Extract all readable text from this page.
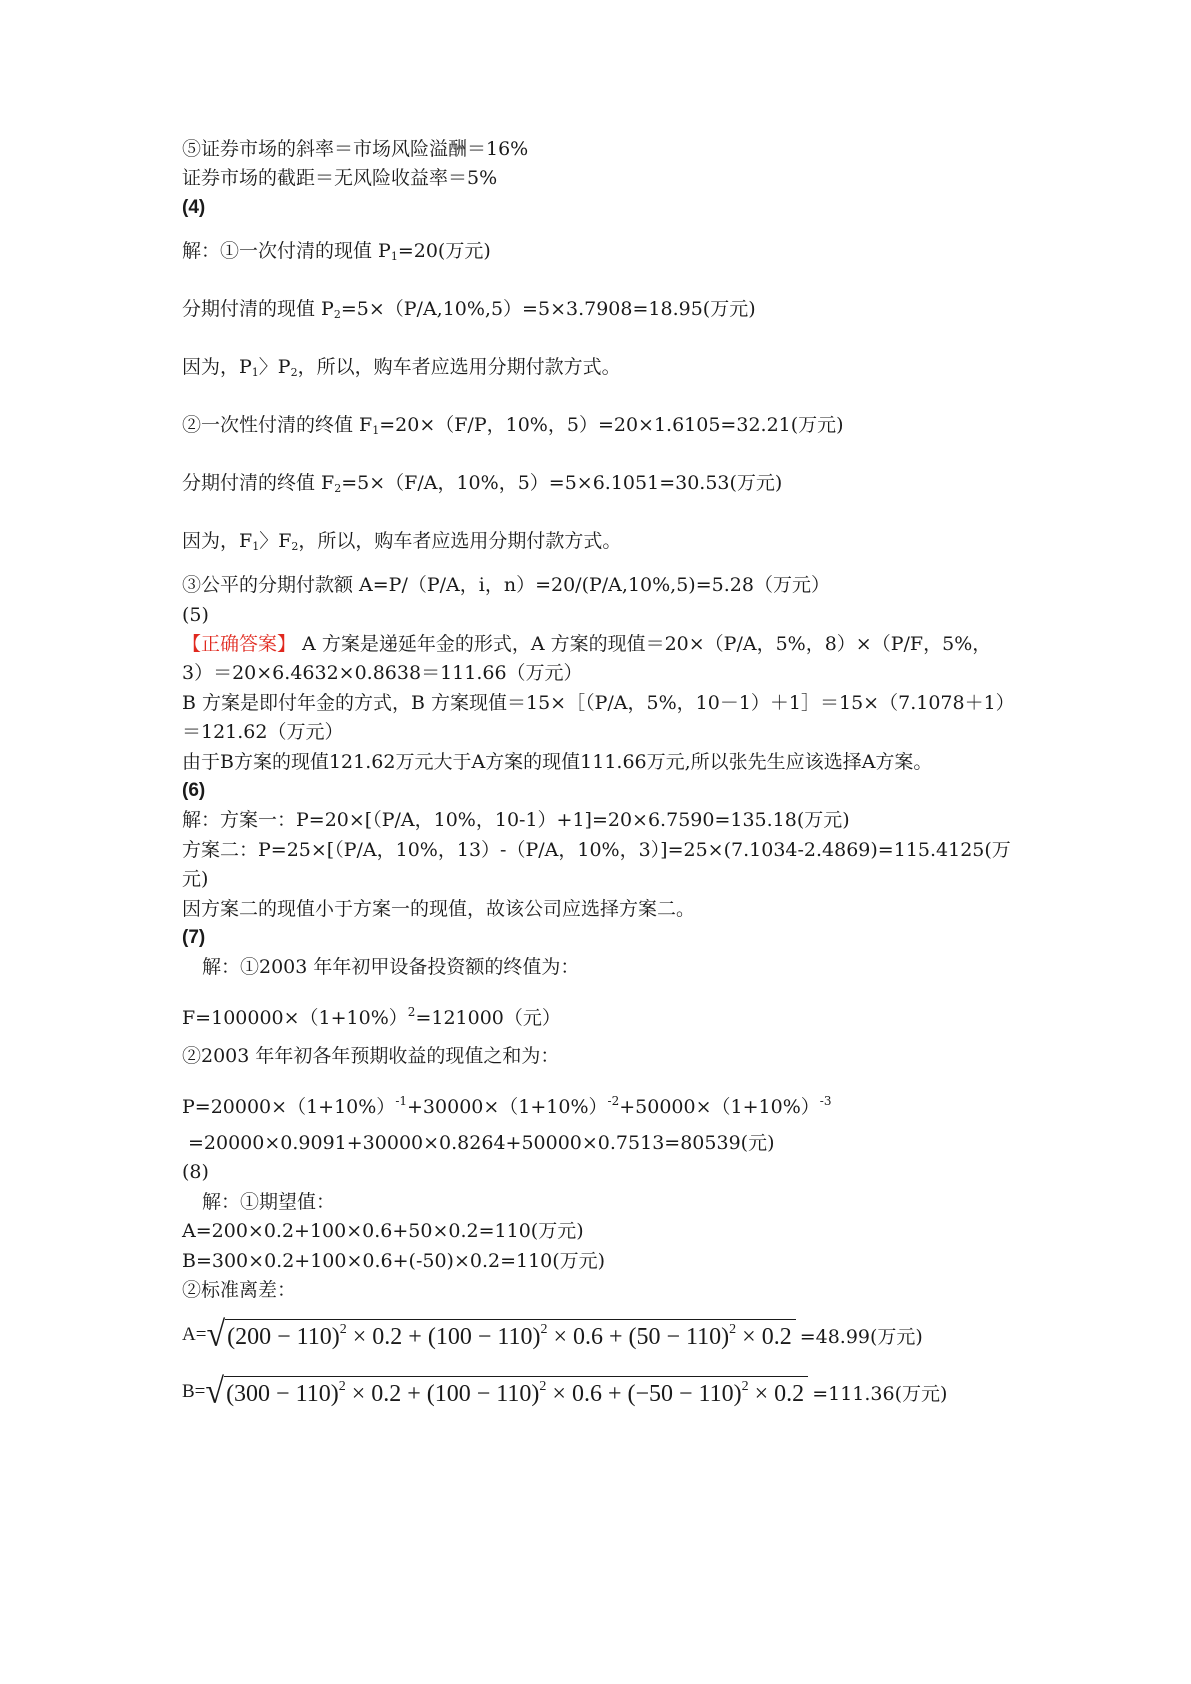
⑤证券市场的斜率＝市场风险溢酬＝16%
证券市场的截距＝无风险收益率＝5%
(4)
解：①一次付清的现值 $P_1=20$(万元)
分期付清的现值 $P_2=5\times(P/A,10\%,5)=5\times 3.7908=18.95$(万元)
因为，$P_1$〉$P_2$，所以，购车者应选用分期付款方式。
②一次性付清的终值 $F_1=20\times(F/P$，10%，5）=20×1.6105=32.21(万元)
分期付清的终值 $F_2=5\times(F/A$，10%，5）=5×6.1051=30.53(万元)
因为，$F_1$〉$F_2$，所以，购车者应选用分期付款方式。
③公平的分期付款额 A=P/（P/A，i，n）=20/(P/A,10%,5)=5.28（万元）
(5)
【正确答案】 A 方案是递延年金的形式，A 方案的现值＝20×（P/A，5%，8）×（P/F，5%，
3）＝20×6.4632×0.8638＝111.66（万元）
B 方案是即付年金的方式，B 方案现值＝15×［（P/A，5%，10－1）＋1］＝15×（7.1078＋1）
＝121.62（万元）
由于B方案的现值121.62万元大于A方案的现值111.66万元,所以张先生应该选择A方案。
(6)
解：方案一：P=20×[（P/A，10%，10-1）+1]=20×6.7590=135.18(万元)
方案二：P=25×[（P/A，10%，13）-（P/A，10%，3）]=25×(7.1034-2.4869)=115.4125(万
元)
因方案二的现值小于方案一的现值，故该公司应选择方案二。
(7)
解：①2003 年年初甲设备投资额的终值为：
$F=100000\times(1+10\%)^2=121000$（元）
②2003 年年初各年预期收益的现值之和为：
$P=20000\times(1+10\%)^{-1}+30000\times(1+10\%)^{-2}+50000\times(1+10\%)^{-3}$
=20000×0.9091+30000×0.8264+50000×0.7513=80539(元)
(8)
解：①期望值：
A=200×0.2+100×0.6+50×0.2=110(万元)
B=300×0.2+100×0.6+(-50)×0.2=110(万元)
②标准离差：
A= √ $(200 - 110)^2 \times 0.2 + (100 - 110)^2 \times 0.6 + (50 - 110)^2 \times 0.2 =48.99$(万元)
B= √ $(300 - 110)^2 \times 0.2 + (100 - 110)^2 \times 0.6 + (-50 - 110)^2 \times 0.2 =111.36$(万元)
